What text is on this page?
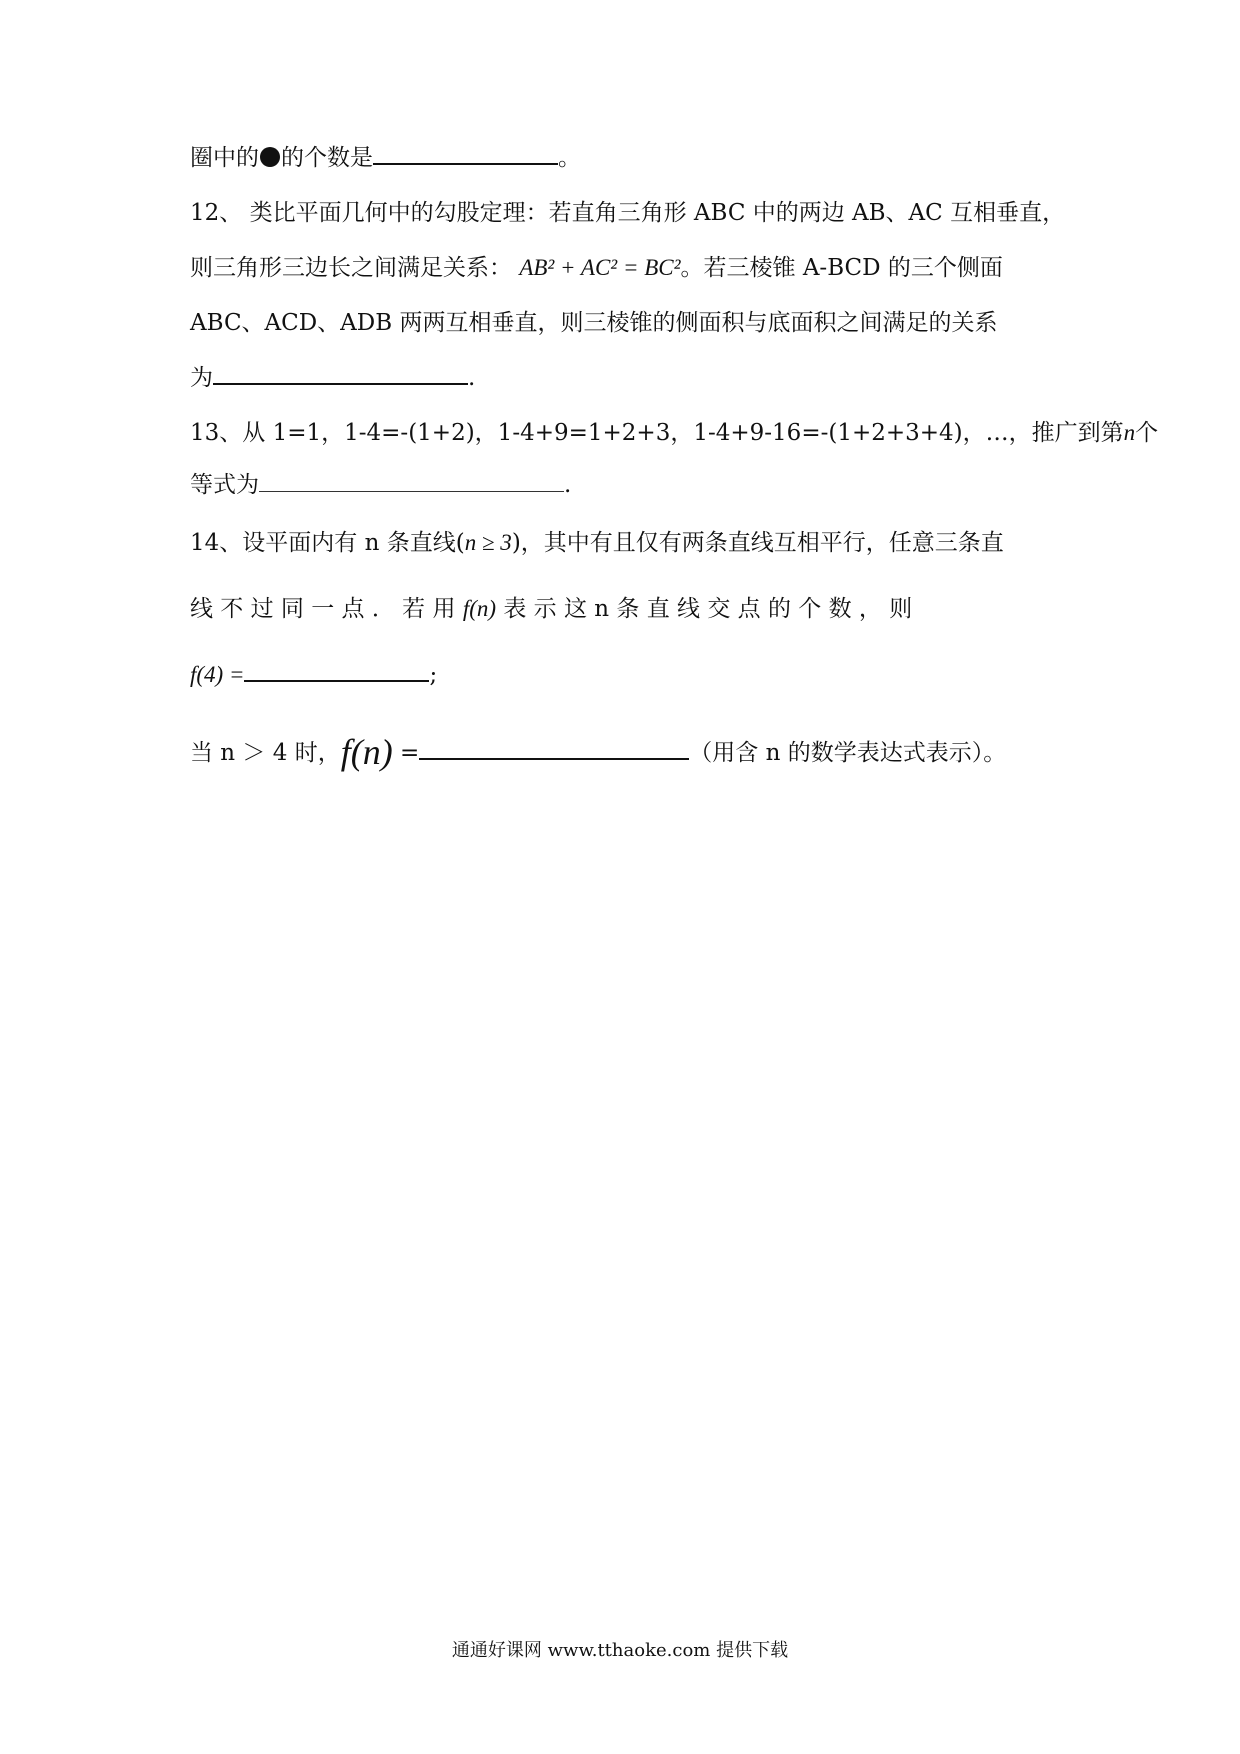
圈中的 的个数是	。
12、 类比平面几何中的勾股定理：若直角三角形 ABC 中的两边 AB、AC 互相垂直，
则三角形三边长之间满足关系： AB² + AC² = BC²。若三棱锥 A-BCD 的三个侧面
ABC、ACD、ADB 两两互相垂直，则三棱锥的侧面积与底面积之间满足的关系
为	.
13、从 1=1，1-4=-(1+2)，1-4+9=1+2+3，1-4+9-16=-(1+2+3+4)，…，推广到第n个
等式为	.
14、设平面内有 n 条直线(n ≥ 3)，其中有且仅有两条直线互相平行，任意三条直
线 不 过 同 一 点 ． 若 用 f(n) 表 示 这 n 条 直 线 交 点 的 个 数 ， 则
f(4) =	;
当 n ＞ 4 时，f(n) =	（用含 n 的数学表达式表示）。
通通好课网 www.tthaoke.com 提供下载
